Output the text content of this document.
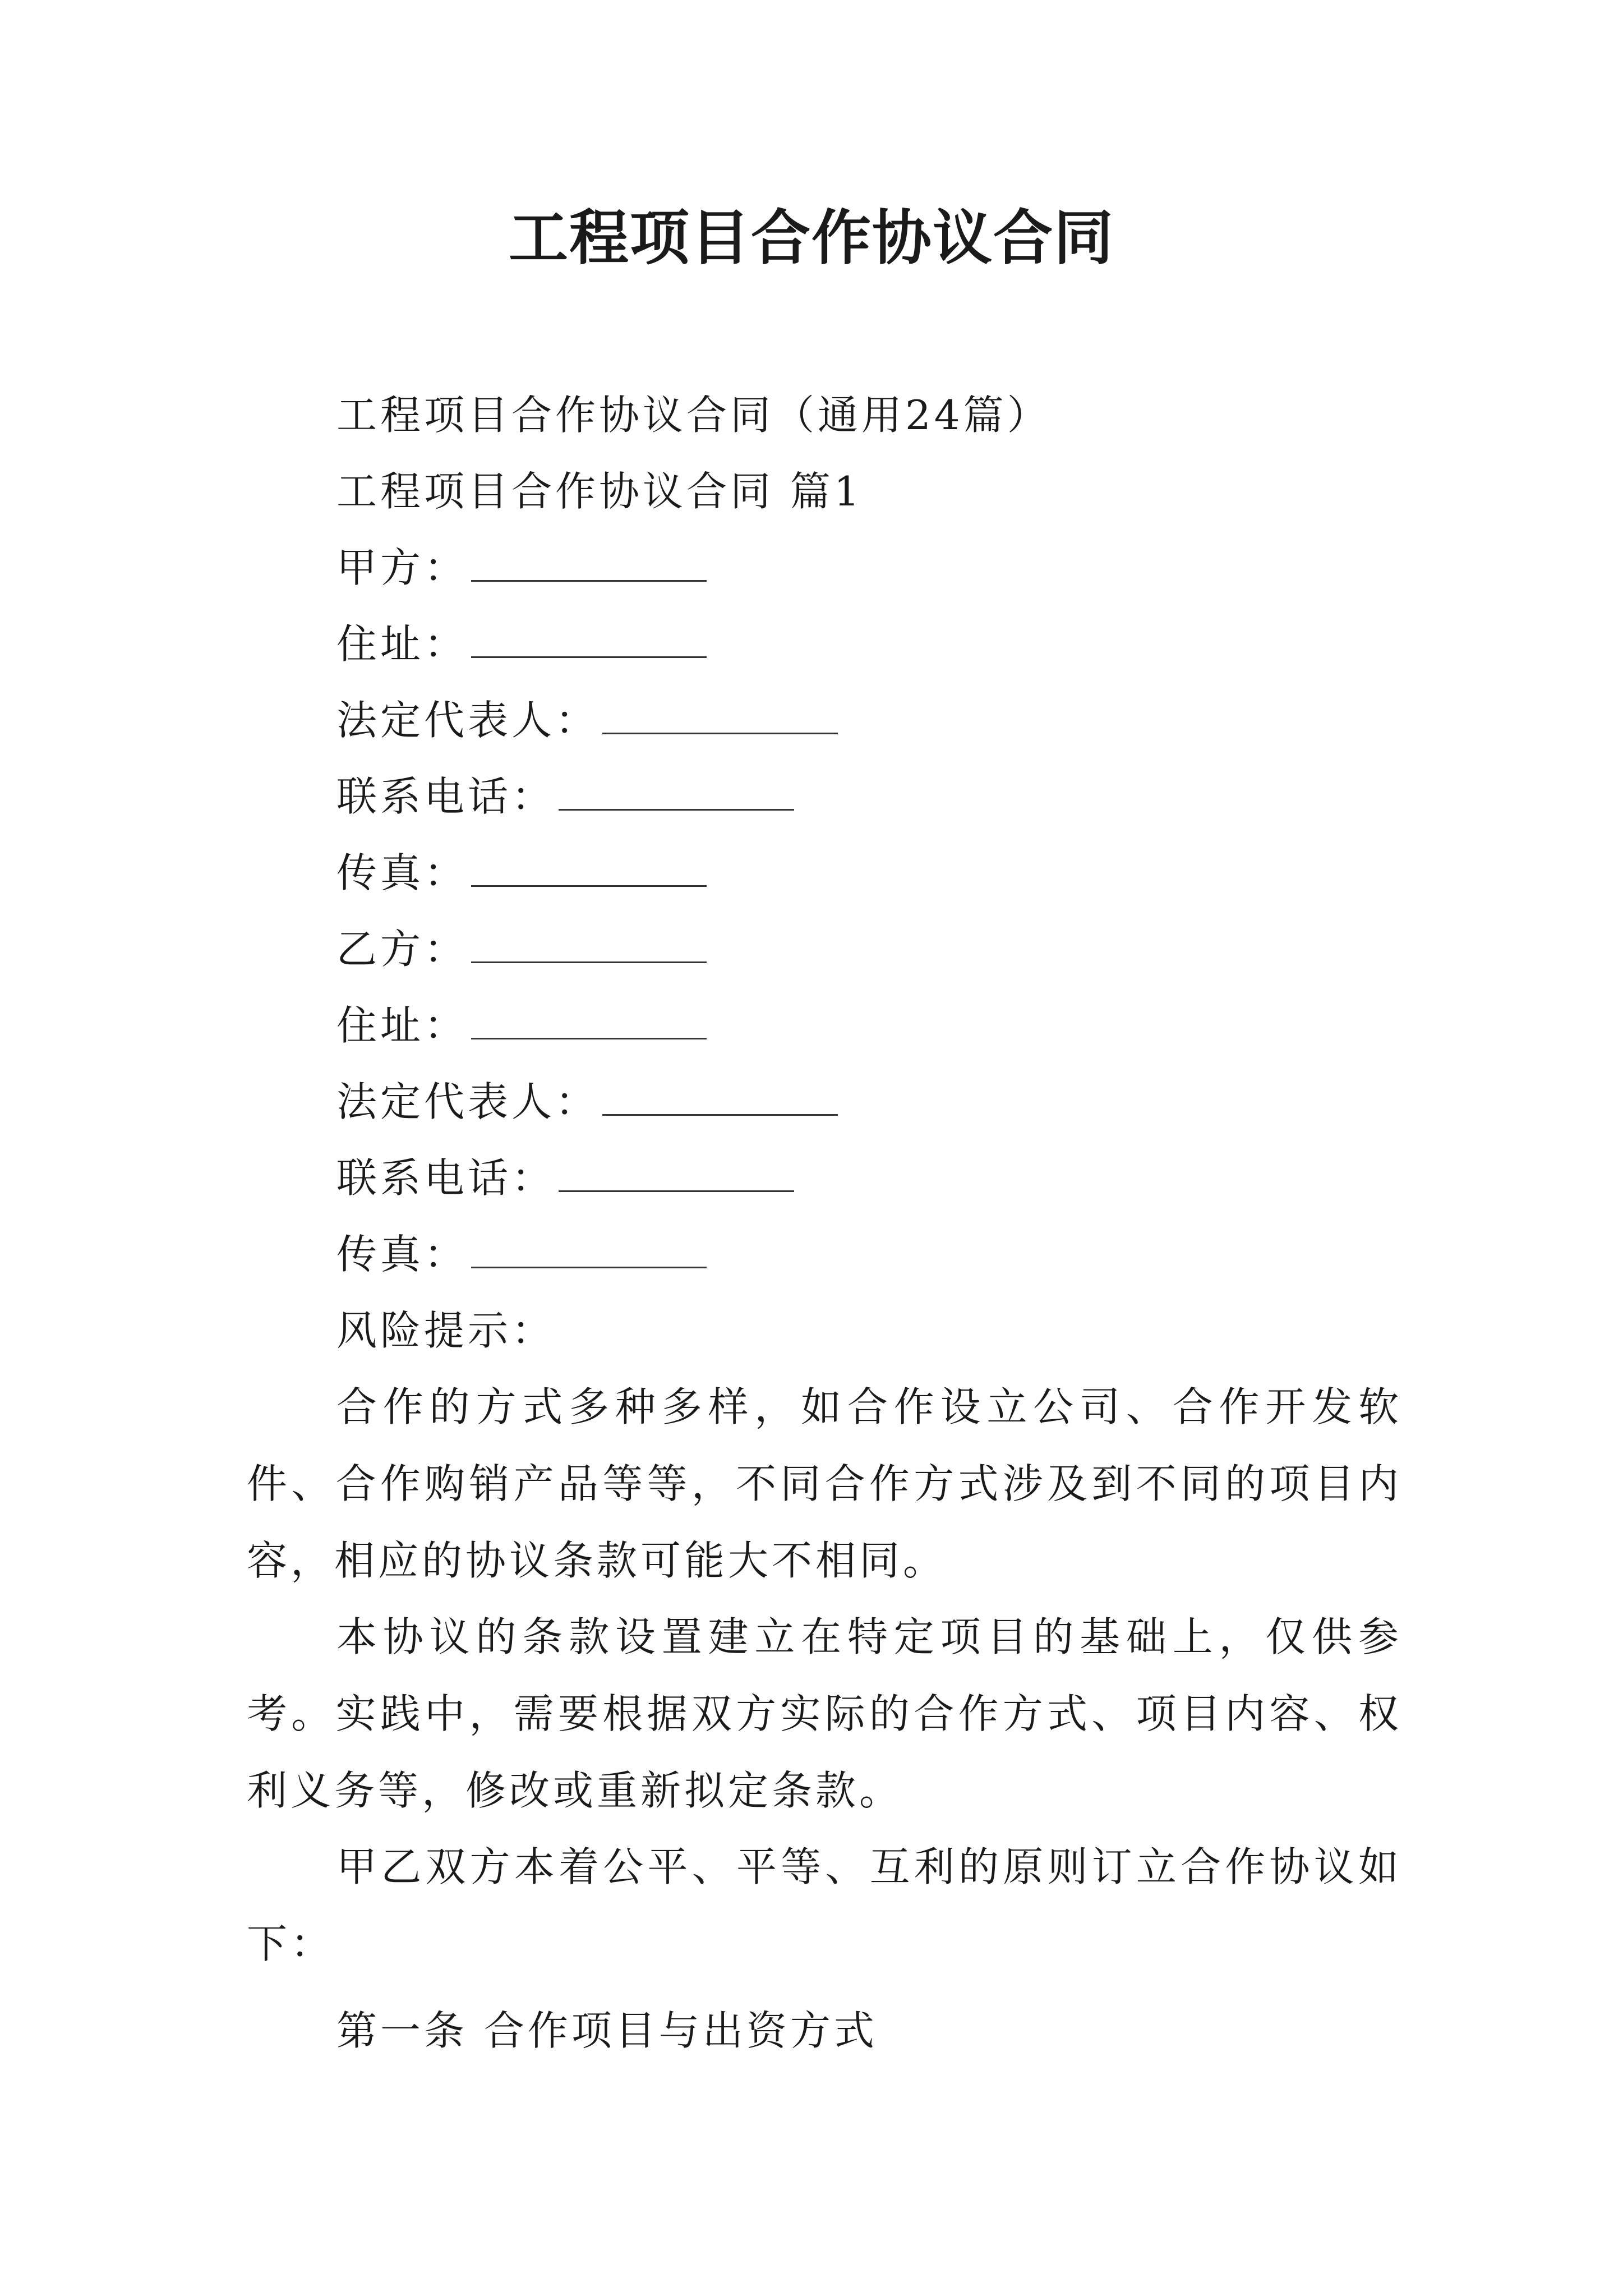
工程项目合作协议合同
工程项目合作协议合同（通用24篇）
工程项目合作协议合同 篇1
甲方：
住址：
法定代表人：
联系电话：
传真：
乙方：
住址：
法定代表人：
联系电话：
传真：
风险提示：

合作的方式多种多样，如合作设立公司、合作开发软件、合作购销产品等等，不同合作方式涉及到不同的项目内容，相应的协议条款可能大不相同。

本协议的条款设置建立在特定项目的基础上，仅供参考。实践中，需要根据双方实际的合作方式、项目内容、权利义务等，修改或重新拟定条款。

甲乙双方本着公平、平等、互利的原则订立合作协议如下：

第一条 合作项目与出资方式
